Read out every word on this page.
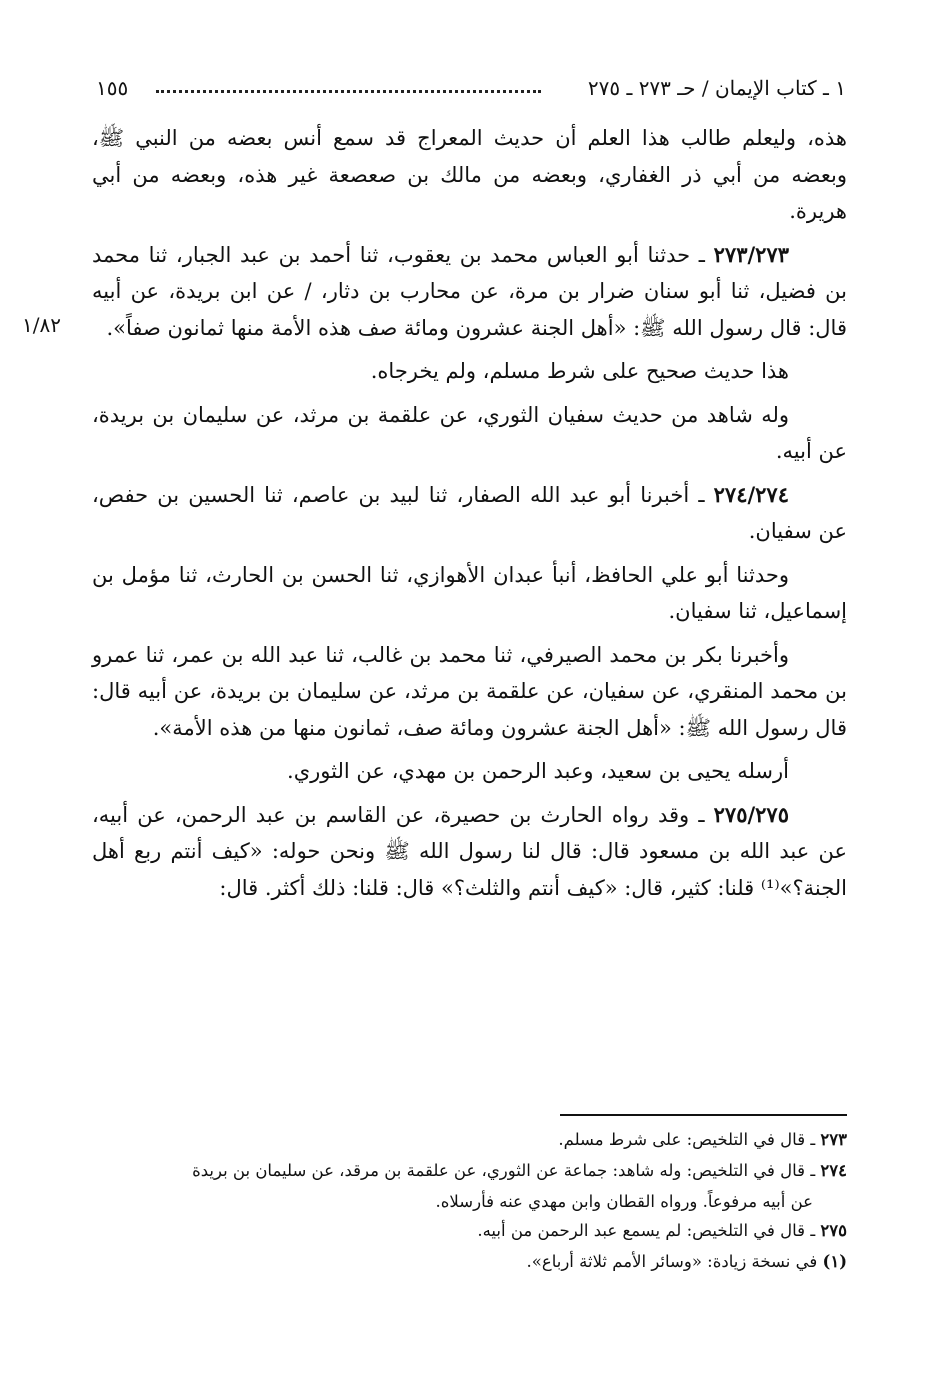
١ ـ كتاب الإيمان / حـ ٢٧٣ ـ ٢٧٥
١٥٥
١/٨٢

هذه، وليعلم طالب هذا العلم أن حديث المعراج قد سمع أنس بعضه من النبي ﷺ، وبعضه من أبي ذر الغفاري، وبعضه من مالك بن صعصعة غير هذه، وبعضه من أبي هريرة.

٢٧٣/٢٧٣ ـ حدثنا أبو العباس محمد بن يعقوب، ثنا أحمد بن عبد الجبار، ثنا محمد بن فضيل، ثنا أبو سنان ضرار بن مرة، عن محارب بن دثار، / عن ابن بريدة، عن أبيه قال: قال رسول الله ﷺ: «أهل الجنة عشرون ومائة صف هذه الأمة منها ثمانون صفاً».

هذا حديث صحيح على شرط مسلم، ولم يخرجاه.

وله شاهد من حديث سفيان الثوري، عن علقمة بن مرثد، عن سليمان بن بريدة، عن أبيه.

٢٧٤/٢٧٤ ـ أخبرنا أبو عبد الله الصفار، ثنا لبيد بن عاصم، ثنا الحسين بن حفص، عن سفيان.

وحدثنا أبو علي الحافظ، أنبأ عبدان الأهوازي، ثنا الحسن بن الحارث، ثنا مؤمل بن إسماعيل، ثنا سفيان.

وأخبرنا بكر بن محمد الصيرفي، ثنا محمد بن غالب، ثنا عبد الله بن عمر، ثنا عمرو بن محمد المنقري، عن سفيان، عن علقمة بن مرثد، عن سليمان بن بريدة، عن أبيه قال: قال رسول الله ﷺ: «أهل الجنة عشرون ومائة صف، ثمانون منها من هذه الأمة».

أرسله يحيى بن سعيد، وعبد الرحمن بن مهدي، عن الثوري.

٢٧٥/٢٧٥ ـ وقد رواه الحارث بن حصيرة، عن القاسم بن عبد الرحمن، عن أبيه، عن عبد الله بن مسعود قال: قال لنا رسول الله ﷺ ونحن حوله: «كيف أنتم ربع أهل الجنة؟»⁽¹⁾ قلنا: كثير، قال: «كيف أنتم والثلث؟» قال: قلنا: ذلك أكثر. قال:

٢٧٣ ـ قال في التلخيص: على شرط مسلم.

٢٧٤ ـ قال في التلخيص: وله شاهد: جماعة عن الثوري، عن علقمة بن مرقد، عن سليمان بن بريدة

عن أبيه مرفوعاً. ورواه القطان وابن مهدي عنه فأرسلاه.

٢٧٥ ـ قال في التلخيص: لم يسمع عبد الرحمن من أبيه.

(١) في نسخة زيادة: «وسائر الأمم ثلاثة أرباع».
